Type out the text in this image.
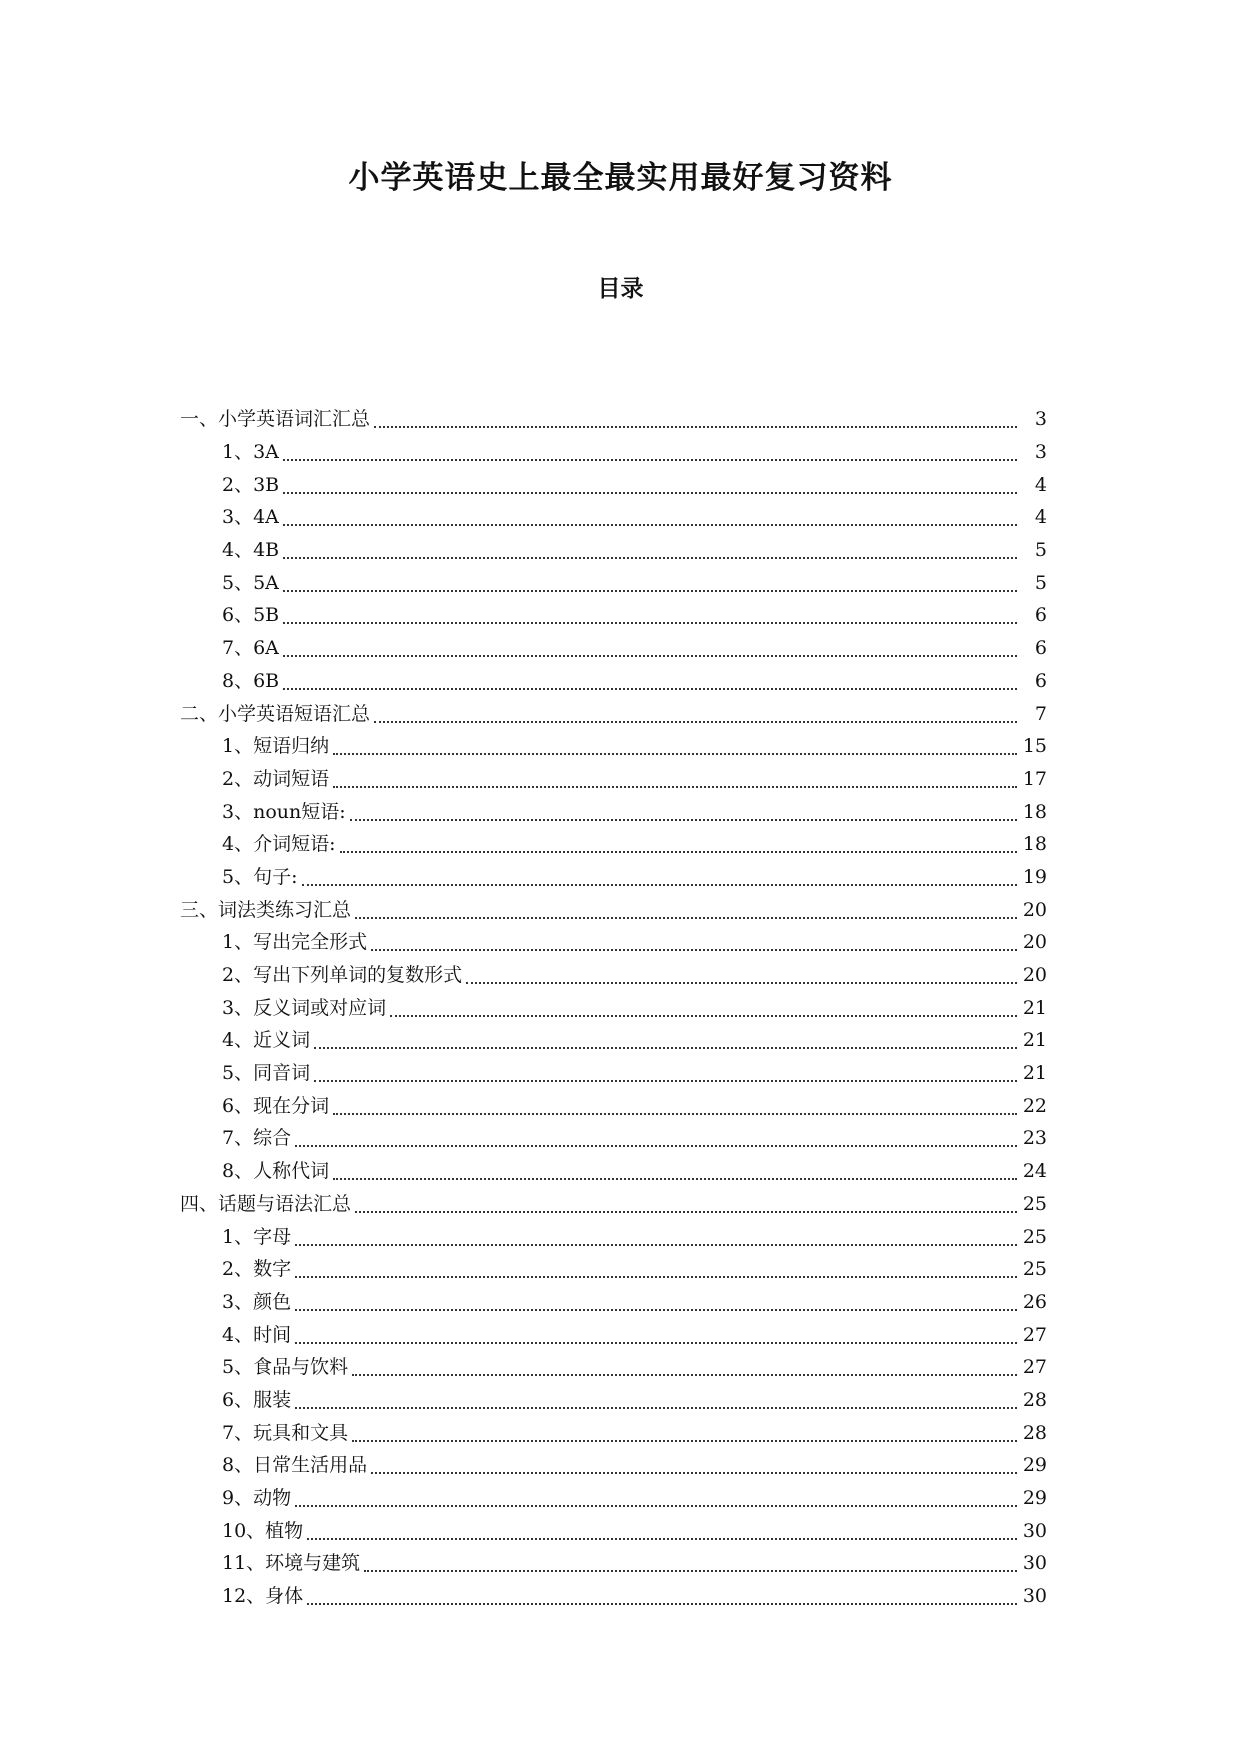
小学英语史上最全最实用最好复习资料
目录
一、小学英语词汇汇总	3
1、3A	3
2、3B	4
3、4A	4
4、4B	5
5、5A	5
6、5B	6
7、6A	6
8、6B	6
二、小学英语短语汇总	7
1、短语归纳	15
2、动词短语	17
3、noun短语:	18
4、介词短语:	18
5、句子:	19
三、词法类练习汇总	20
1、写出完全形式	20
2、写出下列单词的复数形式	20
3、反义词或对应词	21
4、近义词	21
5、同音词	21
6、现在分词	22
7、综合	23
8、人称代词	24
四、话题与语法汇总	25
1、字母	25
2、数字	25
3、颜色	26
4、时间	27
5、食品与饮料	27
6、服装	28
7、玩具和文具	28
8、日常生活用品	29
9、动物	29
10、植物	30
11、环境与建筑	30
12、身体	30
